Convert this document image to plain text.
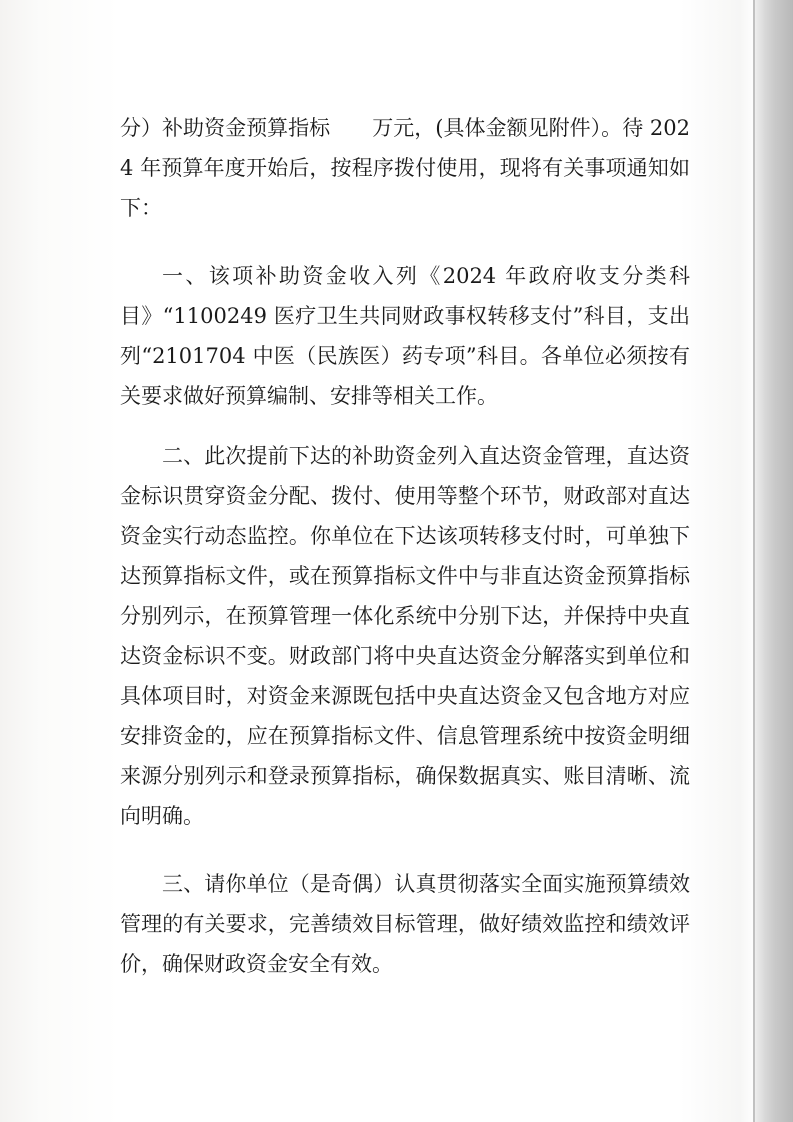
分）补助资金预算指标　　万元，(具体金额见附件）。待 2024 年预算年度开始后，按程序拨付使用，现将有关事项通知如下：

一、该项补助资金收入列《2024 年政府收支分类科目》“1100249 医疗卫生共同财政事权转移支付”科目，支出列“2101704 中医（民族医）药专项”科目。各单位必须按有关要求做好预算编制、安排等相关工作。

二、此次提前下达的补助资金列入直达资金管理，直达资金标识贯穿资金分配、拨付、使用等整个环节，财政部对直达资金实行动态监控。你单位在下达该项转移支付时，可单独下达预算指标文件，或在预算指标文件中与非直达资金预算指标分别列示，在预算管理一体化系统中分别下达，并保持中央直达资金标识不变。财政部门将中央直达资金分解落实到单位和具体项目时，对资金来源既包括中央直达资金又包含地方对应安排资金的，应在预算指标文件、信息管理系统中按资金明细来源分别列示和登录预算指标，确保数据真实、账目清晰、流向明确。

三、请你单位（是奇偶）认真贯彻落实全面实施预算绩效管理的有关要求，完善绩效目标管理，做好绩效监控和绩效评价，确保财政资金安全有效。
